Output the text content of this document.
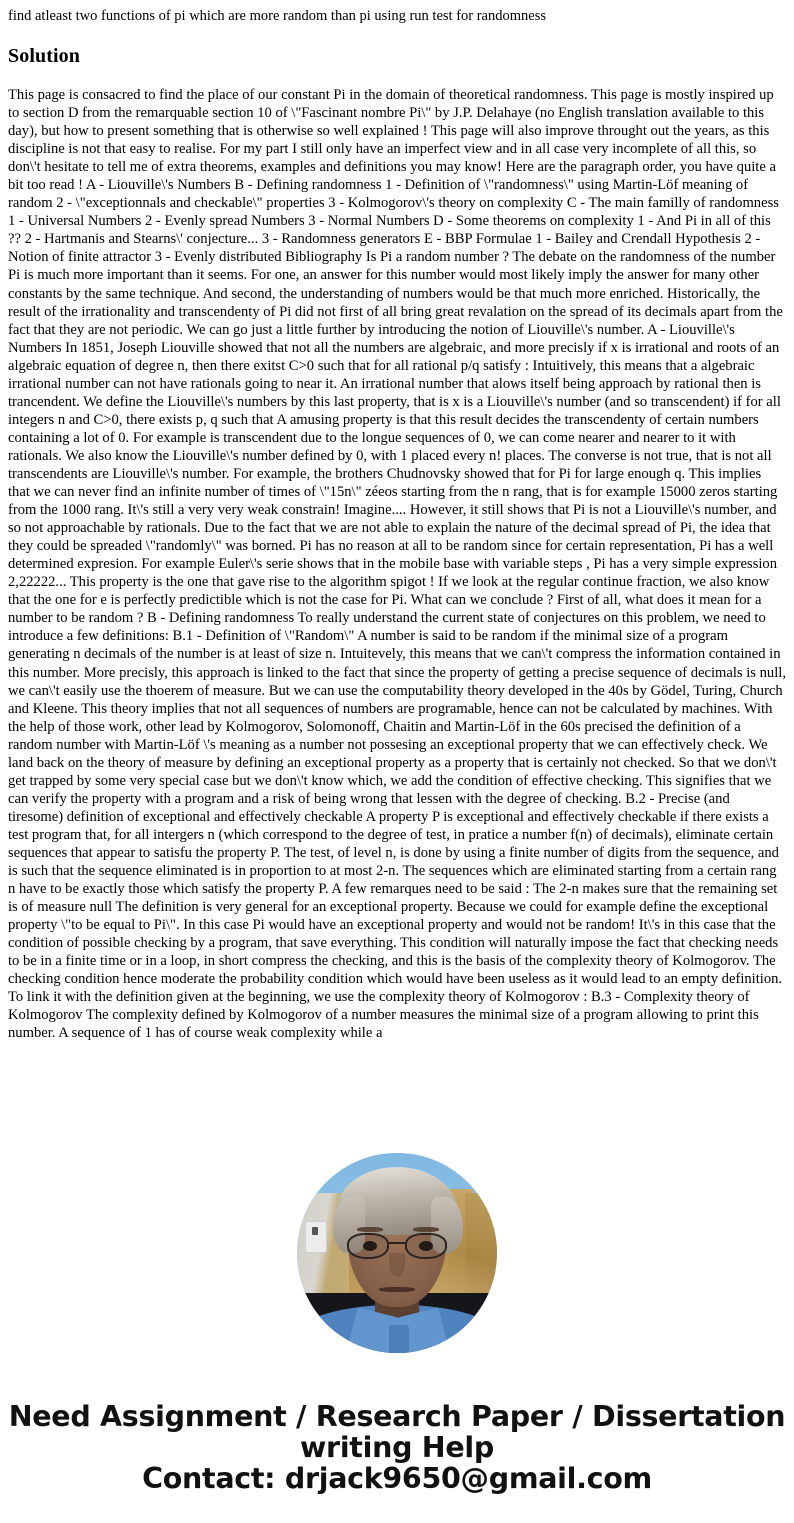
find atleast two functions of pi which are more random than pi using run test for randomness
Solution
This page is consacred to find the place of our constant Pi in the domain of theoretical randomness. This page is mostly inspired up to section D from the remarquable section 10 of \"Fascinant nombre Pi\" by J.P. Delahaye (no English translation available to this day), but how to present something that is otherwise so well explained ! This page will also improve throught out the years, as this discipline is not that easy to realise. For my part I still only have an imperfect view and in all case very incomplete of all this, so don\'t hesitate to tell me of extra theorems, examples and definitions you may know! Here are the paragraph order, you have quite a bit too read ! A - Liouville\'s Numbers B - Defining randomness 1 - Definition of \"randomness\" using Martin-Löf meaning of random 2 - \"exceptionnals and checkable\" properties 3 - Kolmogorov\'s theory on complexity C - The main familly of randomness 1 - Universal Numbers 2 - Evenly spread Numbers 3 - Normal Numbers D - Some theorems on complexity 1 - And Pi in all of this ?? 2 - Hartmanis and Stearns\' conjecture... 3 - Randomness generators E - BBP Formulae 1 - Bailey and Crendall Hypothesis 2 - Notion of finite attractor 3 - Evenly distributed Bibliography Is Pi a random number ? The debate on the randomness of the number Pi is much more important than it seems. For one, an answer for this number would most likely imply the answer for many other constants by the same technique. And second, the understanding of numbers would be that much more enriched. Historically, the result of the irrationality and transcendenty of Pi did not first of all bring great revalation on the spread of its decimals apart from the fact that they are not periodic. We can go just a little further by introducing the notion of Liouville\'s number. A - Liouville\'s Numbers In 1851, Joseph Liouville showed that not all the numbers are algebraic, and more precisly if x is irrational and roots of an algebraic equation of degree n, then there exitst C>0 such that for all rational p/q satisfy : Intuitively, this means that a algebraic irrational number can not have rationals going to near it. An irrational number that alows itself being approach by rational then is trancendent. We define the Liouville\'s numbers by this last property, that is x is a Liouville\'s number (and so transcendent) if for all integers n and C>0, there exists p, q such that A amusing property is that this result decides the transcendenty of certain numbers containing a lot of 0. For example is transcendent due to the longue sequences of 0, we can come nearer and nearer to it with rationals. We also know the Liouville\'s number defined by 0, with 1 placed every n! places. The converse is not true, that is not all transcendents are Liouville\'s number. For example, the brothers Chudnovsky showed that for Pi for large enough q. This implies that we can never find an infinite number of times of \"15n\" zéeos starting from the n rang, that is for example 15000 zeros starting from the 1000 rang. It\'s still a very very weak constrain! Imagine.... However, it still shows that Pi is not a Liouville\'s number, and so not approachable by rationals. Due to the fact that we are not able to explain the nature of the decimal spread of Pi, the idea that they could be spreaded \"randomly\" was borned. Pi has no reason at all to be random since for certain representation, Pi has a well determined expresion. For example Euler\'s serie shows that in the mobile base with variable steps , Pi has a very simple expression 2,22222... This property is the one that gave rise to the algorithm spigot ! If we look at the regular continue fraction, we also know that the one for e is perfectly predictible which is not the case for Pi. What can we conclude ? First of all, what does it mean for a number to be random ? B - Defining randomness To really understand the current state of conjectures on this problem, we need to introduce a few definitions: B.1 - Definition of \"Random\" A number is said to be random if the minimal size of a program generating n decimals of the number is at least of size n. Intuitevely, this means that we can\'t compress the information contained in this number. More precisly, this approach is linked to the fact that since the property of getting a precise sequence of decimals is null, we can\'t easily use the thoerem of measure. But we can use the computability theory developed in the 40s by Gödel, Turing, Church and Kleene. This theory implies that not all sequences of numbers are programable, hence can not be calculated by machines. With the help of those work, other lead by Kolmogorov, Solomonoff, Chaitin and Martin-Löf in the 60s precised the definition of a random number with Martin-Löf \'s meaning as a number not possesing an exceptional property that we can effectively check. We land back on the theory of measure by defining an exceptional property as a property that is certainly not checked. So that we don\'t get trapped by some very special case but we don\'t know which, we add the condition of effective checking. This signifies that we can verify the property with a program and a risk of being wrong that lessen with the degree of checking. B.2 - Precise (and tiresome) definition of exceptional and effectively checkable A property P is exceptional and effectively checkable if there exists a test program that, for all intergers n (which correspond to the degree of test, in pratice a number f(n) of decimals), eliminate certain sequences that appear to satisfu the property P. The test, of level n, is done by using a finite number of digits from the sequence, and is such that the sequence eliminated is in proportion to at most 2-n. The sequences which are eliminated starting from a certain rang n have to be exactly those which satisfy the property P. A few remarques need to be said : The 2-n makes sure that the remaining set is of measure null The definition is very general for an exceptional property. Because we could for example define the exceptional property \"to be equal to Pi\". In this case Pi would have an exceptional property and would not be random! It\'s in this case that the condition of possible checking by a program, that save everything. This condition will naturally impose the fact that checking needs to be in a finite time or in a loop, in short compress the checking, and this is the basis of the complexity theory of Kolmogorov. The checking condition hence moderate the probability condition which would have been useless as it would lead to an empty definition. To link it with the definition given at the beginning, we use the complexity theory of Kolmogorov : B.3 - Complexity theory of Kolmogorov The complexity defined by Kolmogorov of a number measures the minimal size of a program allowing to print this number. A sequence of 1 has of course weak complexity while a
Need Assignment / Research Paper / Dissertation
writing Help
Contact: drjack9650@gmail.com
